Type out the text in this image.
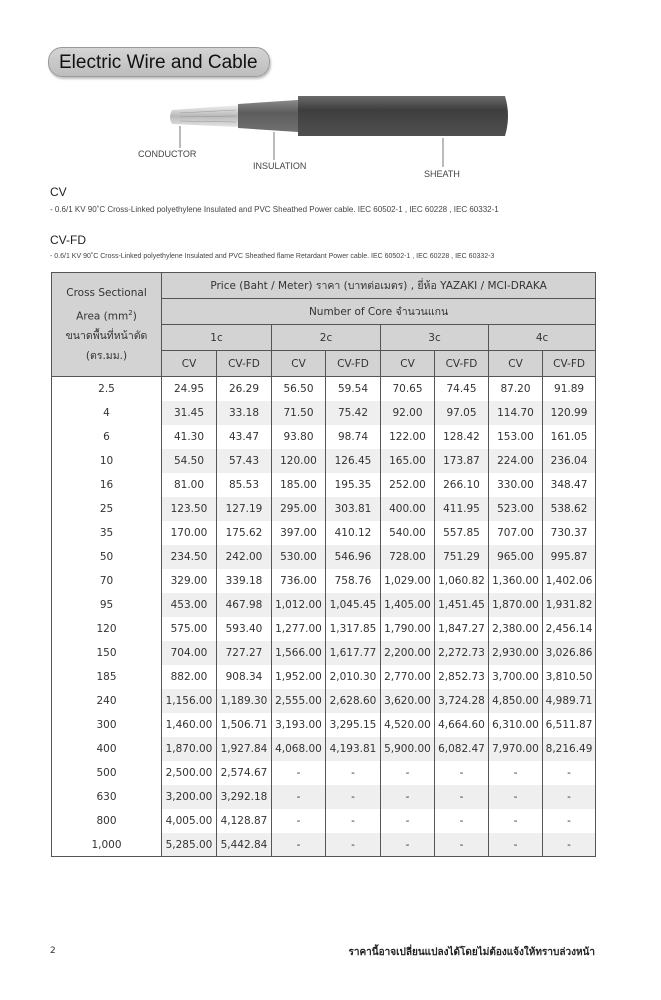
Electric Wire and Cable
CONDUCTOR
INSULATION
SHEATH
CV
- 0.6/1 KV 90˚C Cross-Linked polyethylene Insulated and PVC Sheathed Power cable. IEC 60502-1 , IEC 60228 , IEC 60332-1
CV-FD
- 0.6/1 KV 90˚C Cross-Linked polyethylene Insulated and PVC Sheathed flame Retardant Power cable. IEC 60502-1 , IEC 60228 , IEC 60332-3
Cross Sectional
Area $(mm^2)$
ขนาดพื้นที่หน้าตัด
(ตร.มม.)	Price (Baht / Meter) ราคา (บาทต่อเมตร) , ยี่ห้อ YAZAKI / MCI-DRAKA							
	Number of Core จำนวนแกน							
	1c		2c		3c		4c	
	CV	CV-FD	CV	CV-FD	CV	CV-FD	CV	CV-FD
2.5	24.95	26.29	56.50	59.54	70.65	74.45	87.20	91.89
4	31.45	33.18	71.50	75.42	92.00	97.05	114.70	120.99
6	41.30	43.47	93.80	98.74	122.00	128.42	153.00	161.05
10	54.50	57.43	120.00	126.45	165.00	173.87	224.00	236.04
16	81.00	85.53	185.00	195.35	252.00	266.10	330.00	348.47
25	123.50	127.19	295.00	303.81	400.00	411.95	523.00	538.62
35	170.00	175.62	397.00	410.12	540.00	557.85	707.00	730.37
50	234.50	242.00	530.00	546.96	728.00	751.29	965.00	995.87
70	329.00	339.18	736.00	758.76	1,029.00	1,060.82	1,360.00	1,402.06
95	453.00	467.98	1,012.00	1,045.45	1,405.00	1,451.45	1,870.00	1,931.82
120	575.00	593.40	1,277.00	1,317.85	1,790.00	1,847.27	2,380.00	2,456.14
150	704.00	727.27	1,566.00	1,617.77	2,200.00	2,272.73	2,930.00	3,026.86
185	882.00	908.34	1,952.00	2,010.30	2,770.00	2,852.73	3,700.00	3,810.50
240	1,156.00	1,189.30	2,555.00	2,628.60	3,620.00	3,724.28	4,850.00	4,989.71
300	1,460.00	1,506.71	3,193.00	3,295.15	4,520.00	4,664.60	6,310.00	6,511.87
400	1,870.00	1,927.84	4,068.00	4,193.81	5,900.00	6,082.47	7,970.00	8,216.49
500	2,500.00	2,574.67	-	-	-	-	-	-
630	3,200.00	3,292.18	-	-	-	-	-	-
800	4,005.00	4,128.87	-	-	-	-	-	-
1,000	5,285.00	5,442.84	-	-	-	-	-	-
2	ราคานี้อาจเปลี่ยนแปลงได้โดยไม่ต้องแจ้งให้ทราบล่วงหน้า
